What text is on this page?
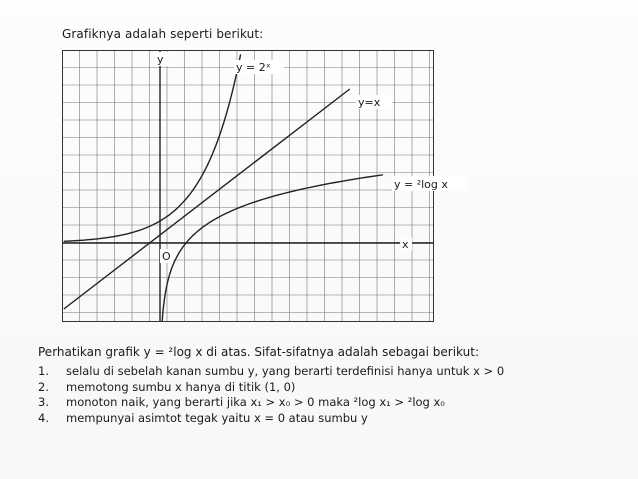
Grafiknya adalah seperti berikut:
y
x
O
y = 2ˣ
y=x
y = ²log x
Perhatikan grafik y = ²log x di atas. Sifat-sifatnya adalah sebagai berikut:
1.	selalu di sebelah kanan sumbu y, yang berarti terdefinisi hanya untuk x > 0
2.	memotong sumbu x hanya di titik (1, 0)
3.	monoton naik, yang berarti jika x₁ > x₀ > 0 maka ²log x₁ > ²log x₀
4.	mempunyai asimtot tegak yaitu x = 0 atau sumbu y
